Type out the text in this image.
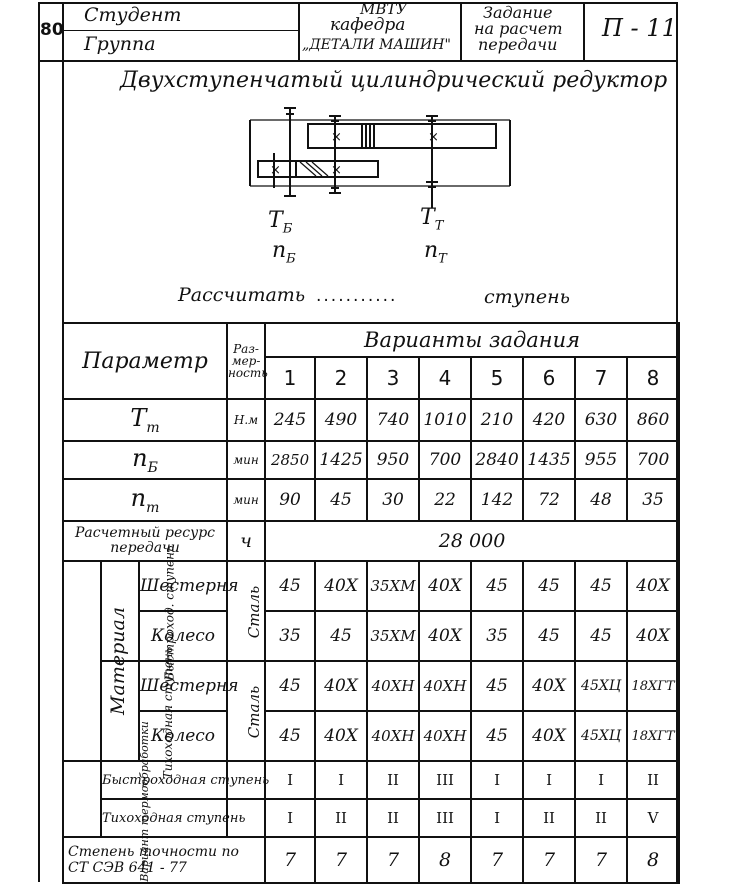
80
Студент
Группа
МВТУ
кафедра
„ДЕТАЛИ МАШИН"
Задание
на расчет
передачи
П - 11
Двухступенчатый цилиндрический редуктор
×	×
×	×
$Т_Б$
$n_Б$
$Т_Т$
$n_Т$
Рассчитать ...........	ступень
Параметр			Раз-
мер-
ность	Варианты задания							
				1	2	3	4	5	6	7	8
$Т_т$			Н.м	245	490	740	1010	210	420	630	860
$n_Б$			мин	2850	1425	950	700	2840	1435	955	700
$n_т$			мин	90	45	30	22	142	72	48	35

Расчетный ресурс
передачи			ч	28 000							
Материал	Быстроход. ступень	Шестерня	Сталь	45	40Х	35ХМ	40Х	45	45	45	40Х
		Колесо		35	45	35ХМ	40Х	35	45	45	40Х
	Тихоходная ступень	Шестерня	Сталь	45	40Х	40ХН	40ХН	45	40Х	45ХЦ	18ХГТ
		Колесо		45	40Х	40ХН	40ХН	45	40Х	45ХЦ	18ХГТ
Вариант термообработки	Быстроходная ступень			I	I	II	III	I	I	I	II
	Тихоходная ступень			I	II	II	III	I	II	II	V

Степень точности по
СТ СЭВ 641 - 77				7	7	7	8	7	7	7	8
